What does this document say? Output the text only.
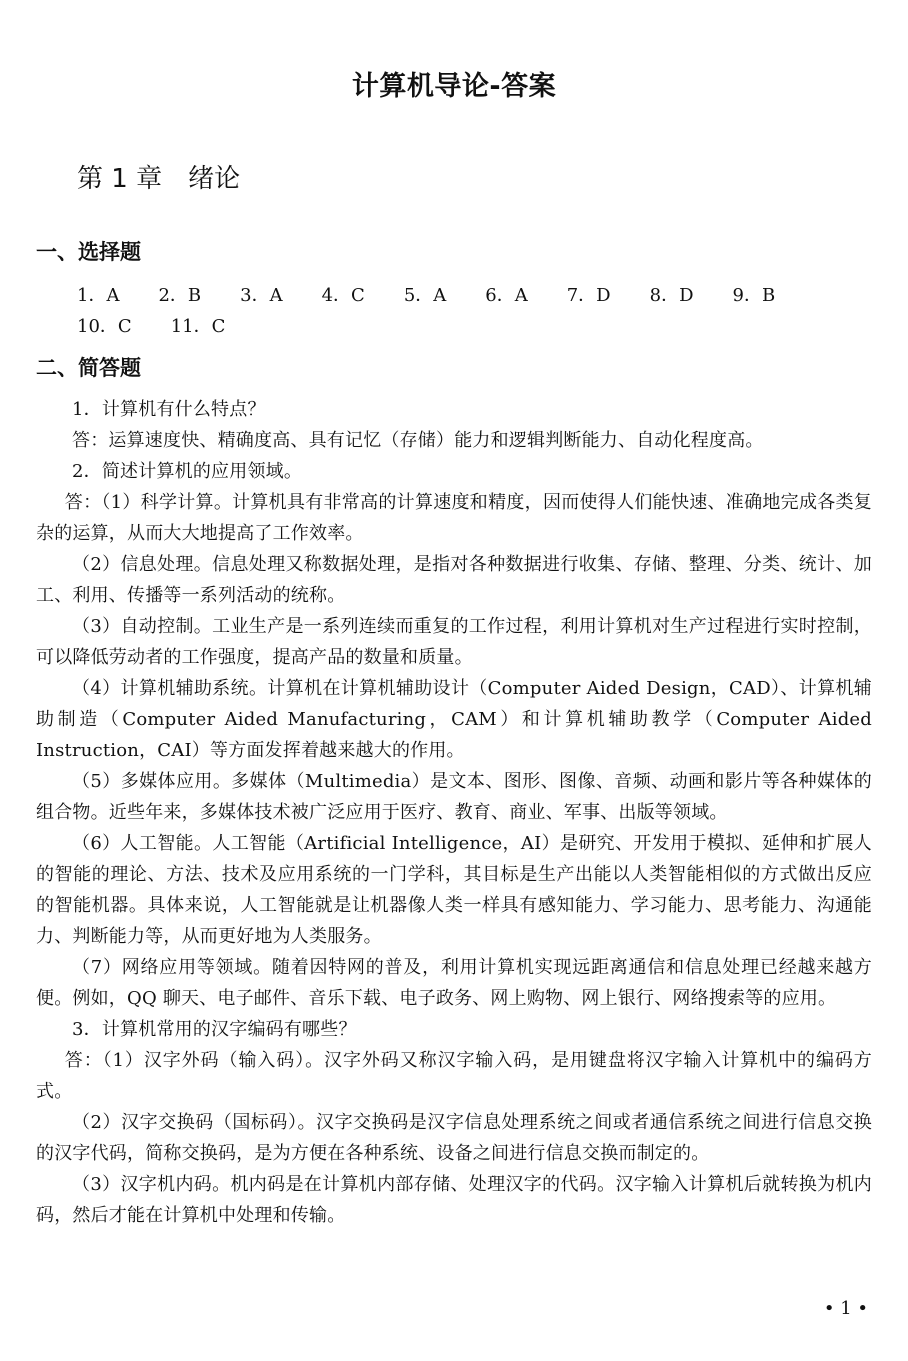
计算机导论-答案
第 1 章　绪论
一、选择题
1．A 2．B 3．A 4．C 5．A 6．A 7．D 8．D 9．B
10．C 11．C
二、简答题

1．计算机有什么特点？

答：运算速度快、精确度高、具有记忆（存储）能力和逻辑判断能力、自动化程度高。

2．简述计算机的应用领域。

答：（1）科学计算。计算机具有非常高的计算速度和精度，因而使得人们能快速、准确地完成各类复杂的运算，从而大大地提高了工作效率。

（2）信息处理。信息处理又称数据处理，是指对各种数据进行收集、存储、整理、分类、统计、加工、利用、传播等一系列活动的统称。

（3）自动控制。工业生产是一系列连续而重复的工作过程，利用计算机对生产过程进行实时控制，可以降低劳动者的工作强度，提高产品的数量和质量。

（4）计算机辅助系统。计算机在计算机辅助设计（Computer Aided Design，CAD）、计算机辅助制造（Computer Aided Manufacturing，CAM）和计算机辅助教学（Computer Aided Instruction，CAI）等方面发挥着越来越大的作用。

（5）多媒体应用。多媒体（Multimedia）是文本、图形、图像、音频、动画和影片等各种媒体的组合物。近些年来，多媒体技术被广泛应用于医疗、教育、商业、军事、出版等领域。

（6）人工智能。人工智能（Artificial Intelligence，AI）是研究、开发用于模拟、延伸和扩展人的智能的理论、方法、技术及应用系统的一门学科，其目标是生产出能以人类智能相似的方式做出反应的智能机器。具体来说，人工智能就是让机器像人类一样具有感知能力、学习能力、思考能力、沟通能力、判断能力等，从而更好地为人类服务。

（7）网络应用等领域。随着因特网的普及，利用计算机实现远距离通信和信息处理已经越来越方便。例如，QQ 聊天、电子邮件、音乐下载、电子政务、网上购物、网上银行、网络搜索等的应用。

3．计算机常用的汉字编码有哪些？

答：（1）汉字外码（输入码）。汉字外码又称汉字输入码，是用键盘将汉字输入计算机中的编码方式。

（2）汉字交换码（国标码）。汉字交换码是汉字信息处理系统之间或者通信系统之间进行信息交换的汉字代码，简称交换码，是为方便在各种系统、设备之间进行信息交换而制定的。

（3）汉字机内码。机内码是在计算机内部存储、处理汉字的代码。汉字输入计算机后就转换为机内码，然后才能在计算机中处理和传输。

• 1 •
